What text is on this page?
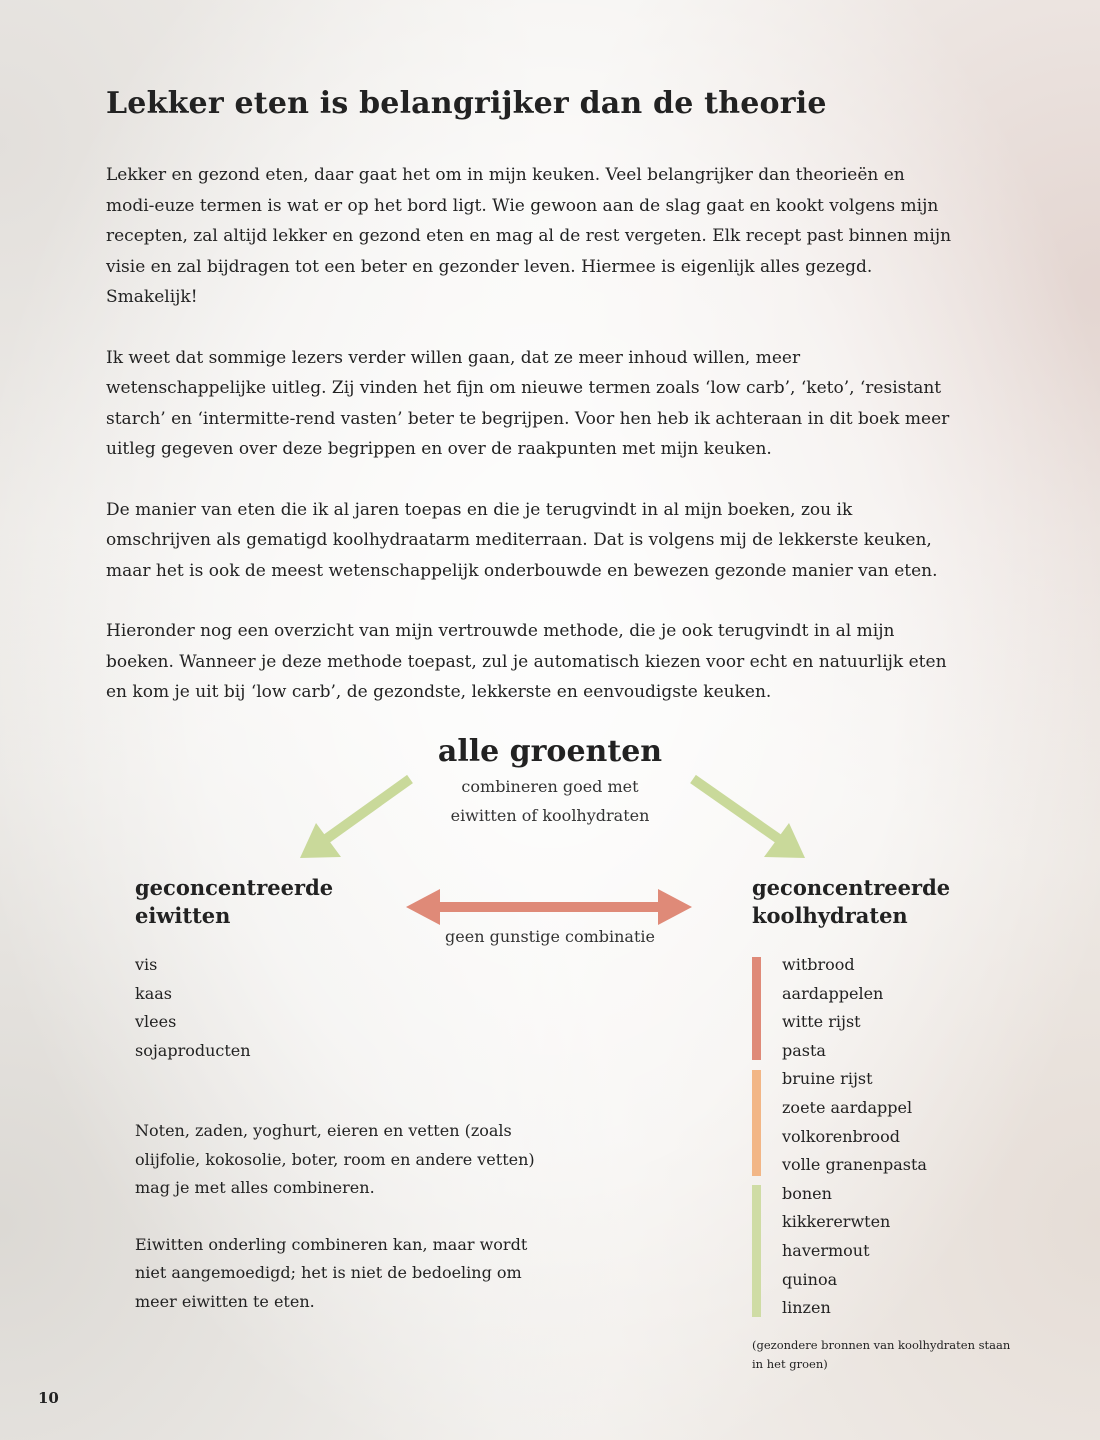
Lekker eten is belangrijker dan de theorie

Lekker en gezond eten, daar gaat het om in mijn keuken. Veel belangrijker dan theorieën en modi-euze termen is wat er op het bord ligt. Wie gewoon aan de slag gaat en kookt volgens mijn recepten, zal altijd lekker en gezond eten en mag al de rest vergeten. Elk recept past binnen mijn visie en zal bijdragen tot een beter en gezonder leven. Hiermee is eigenlijk alles gezegd. Smakelijk!

Ik weet dat sommige lezers verder willen gaan, dat ze meer inhoud willen, meer wetenschappelijke uitleg. Zij vinden het fijn om nieuwe termen zoals ‘low carb’, ‘keto’, ‘resistant starch’ en ‘intermitte-rend vasten’ beter te begrijpen. Voor hen heb ik achteraan in dit boek meer uitleg gegeven over deze begrippen en over de raakpunten met mijn keuken.

De manier van eten die ik al jaren toepas en die je terugvindt in al mijn boeken, zou ik omschrijven als gematigd koolhydraatarm mediterraan. Dat is volgens mij de lekkerste keuken, maar het is ook de meest wetenschappelijk onderbouwde en bewezen gezonde manier van eten.

Hieronder nog een overzicht van mijn vertrouwde methode, die je ook terugvindt in al mijn boeken. Wanneer je deze methode toepast, zul je automatisch kiezen voor echt en natuurlijk eten en kom je uit bij ‘low carb’, de gezondste, lekkerste en eenvoudigste keuken.

alle groenten
combineren goed met
eiwitten of koolhydraten
geconcentreerde
eiwitten
geconcentreerde
koolhydraten
geen gunstige combinatie
vis
kaas
vlees
sojaproducten

Noten, zaden, yoghurt, eieren en vetten (zoals olijfolie, kokosolie, boter, room en andere vetten) mag je met alles combineren.

Eiwitten onderling combineren kan, maar wordt niet aangemoedigd; het is niet de bedoeling om meer eiwitten te eten.

witbrood
aardappelen
witte rijst
pasta
bruine rijst
zoete aardappel
volkorenbrood
volle granenpasta
bonen
kikkererwten
havermout
quinoa
linzen
(gezondere bronnen van koolhydraten staan in het groen)
10
